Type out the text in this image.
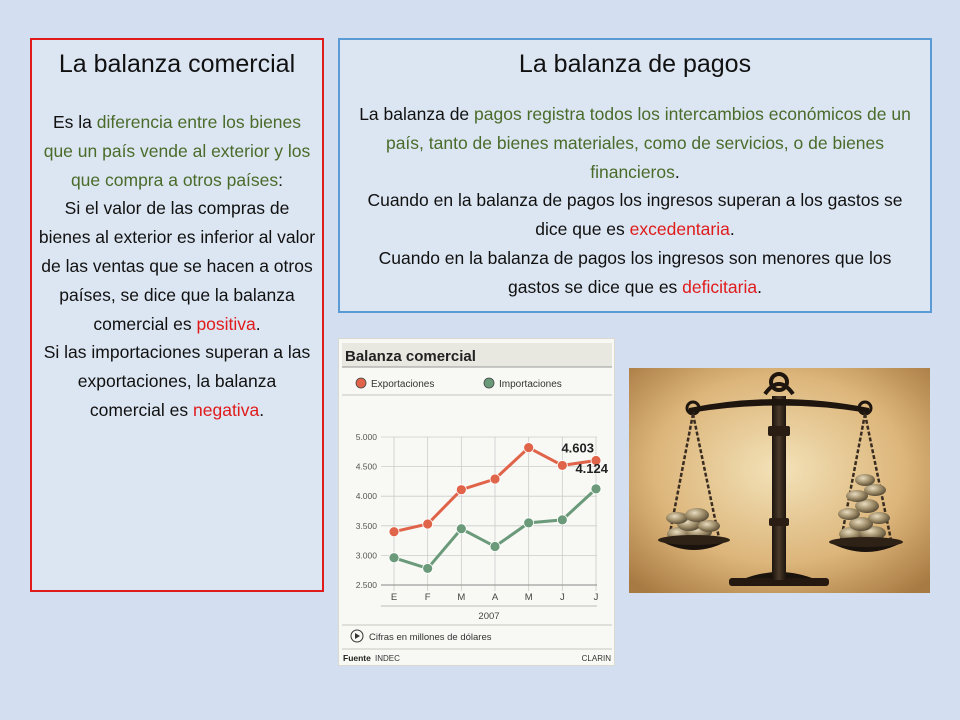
La balanza comercial
Es la diferencia entre los bienes que un país vende al exterior y los que compra a otros países:
Si el valor de las compras de bienes al exterior es inferior al valor de las ventas que se hacen a otros países, se dice que la balanza comercial es positiva.
Si las importaciones superan a las exportaciones, la balanza comercial es negativa.
La balanza de pagos
La balanza de pagos registra todos los intercambios económicos de un país, tanto de bienes materiales, como de servicios, o de bienes financieros.
Cuando en la balanza de pagos los ingresos superan a los gastos se dice que es excedentaria.
Cuando en la balanza de pagos los ingresos son menores que los gastos se dice que es deficitaria.
Balanza comercial
Exportaciones	Importaciones
5.000
4.500
4.000
3.500
3.000
2.500
4.603
4.124
E	F	M	A	M	J	J
2007
Cifras en millones de dólares
Fuente INDEC	CLARIN
